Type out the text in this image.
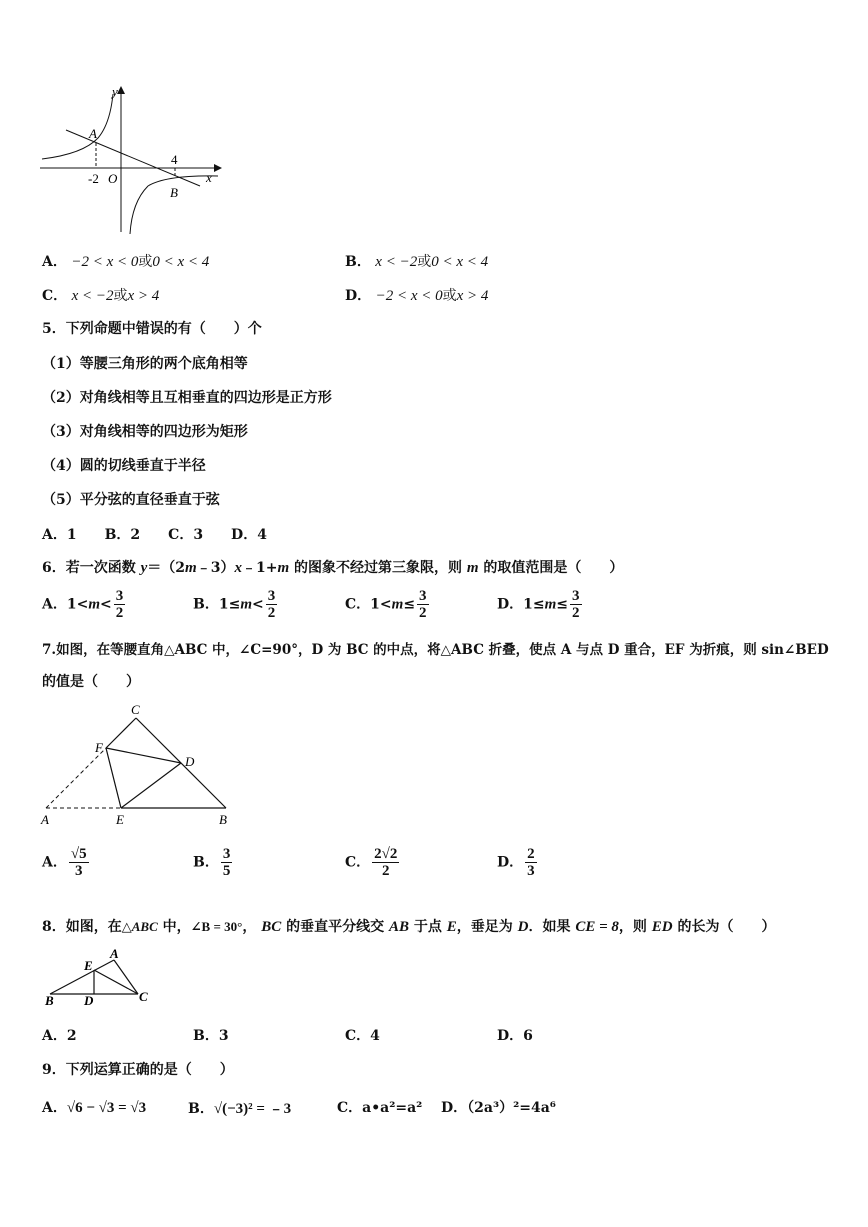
y
x
A
B
O
-2
4
A． −2 < x < 0或0 < x < 4	B． x < −2或0 < x < 4
C． x < −2或x > 4	D． −2 < x < 0或x > 4
5．下列命题中错误的有（　　）个
（1）等腰三角形的两个底角相等
（2）对角线相等且互相垂直的四边形是正方形
（3）对角线相等的四边形为矩形
（4）圆的切线垂直于半径
（5）平分弦的直径垂直于弦
A．1　　B．2　　C．3　　D．4
6．若一次函数 y＝（2m﹣3）x﹣1+m 的图象不经过第三象限，则 m 的取值范围是（　　）
A．$1<m< \frac{3}{2}$	B．$1\le m< \frac{3}{2}$	C．$1<m\le \frac{3}{2}$	D．$1\le m\le \frac{3}{2}$
7.如图，在等腰直角△ABC 中，∠C=90°，D 为 BC 的中点，将△ABC 折叠，使点 A 与点 D 重合，EF 为折痕，则 sin∠BED
的值是（　　）
C
F
D
A	E	B
A． $\frac{√5}{3}$	B． $\frac{3}{5}$	C． $\frac{2√2}{2}$	D． $\frac{2}{3}$
8．如图，在△ABC 中，∠B = 30°， BC 的垂直平分线交 AB 于点 E，垂足为 D．如果 CE = 8，则 ED 的长为（　　）
A
E
B D	C
A．2	B．3	C．4	D．6
9．下列运算正确的是（　　）
A．√6 − √3 = √3	B．√(−3)² = ﹣3	C．a•a²=a² D．（2a³）²=4a⁶
